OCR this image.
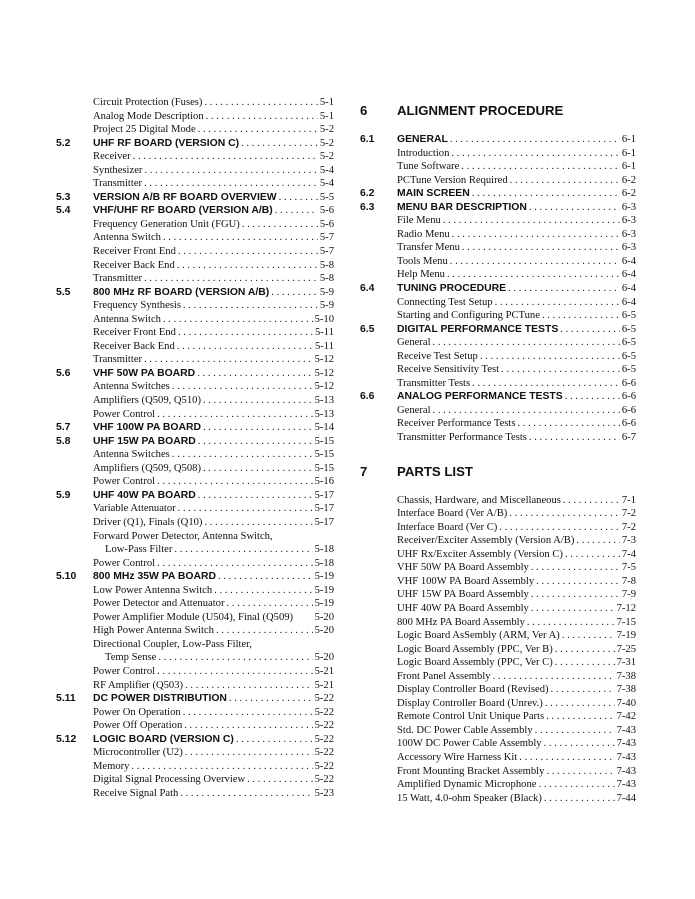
Circuit Protection (Fuses) . . .	5-1
Analog Mode Description . . .	5-1
Project 25 Digital Mode . . .	5-2
5.2	UHF RF BOARD (VERSION C) . . .	5-2
Receiver . . .	5-2
Synthesizer . . .	5-4
Transmitter . . .	5-4
5.3	VERSION A/B RF BOARD OVERVIEW . . .	5-5
5.4	VHF/UHF RF BOARD (VERSION A/B) . . .	5-6
Frequency Generation Unit (FGU) . . .	5-6
Antenna Switch . . .	5-7
Receiver Front End . . .	5-7
Receiver Back End . . .	5-8
Transmitter . . .	5-8
5.5	800 MHz RF BOARD (VERSION A/B) . . .	5-9
Frequency Synthesis . . .	5-9
Antenna Switch . . .	5-10
Receiver Front End . . .	5-11
Receiver Back End . . .	5-11
Transmitter . . .	5-12
5.6	VHF 50W PA BOARD . . .	5-12
Antenna Switches . . .	5-12
Amplifiers (Q509, Q510) . . .	5-13
Power Control . . .	5-13
5.7	VHF 100W PA BOARD . . .	5-14
5.8	UHF 15W PA BOARD . . .	5-15
Antenna Switches . . .	5-15
Amplifiers (Q509, Q508) . . .	5-15
Power Control . . .	5-16
5.9	UHF 40W PA BOARD . . .	5-17
Variable Attenuator . . .	5-17
Driver (Q1), Finals (Q10) . . .	5-17
Forward Power Detector, Antenna Switch,
Low-Pass Filter . . .	5-18
Power Control . . .	5-18
5.10	800 MHz 35W PA BOARD . . .	5-19
Low Power Antenna Switch . . .	5-19
Power Detector and Attenuator . . .	5-19
Power Amplifier Module (U504), Final (Q509) 5-20
High Power Antenna Switch . . .	5-20
Directional Coupler, Low-Pass Filter,
Temp Sense . . .	5-20
Power Control . . .	5-21
RF Amplifier (Q503) . . .	5-21
5.11	DC POWER DISTRIBUTION . . .	5-22
Power On Operation . . .	5-22
Power Off Operation . . .	5-22
5.12	LOGIC BOARD (VERSION C) . . .	5-22
Microcontroller (U2) . . .	5-22
Memory . . .	5-22
Digital Signal Processing Overview . . .	5-22
Receive Signal Path . . .	5-23
6	ALIGNMENT PROCEDURE
6.1	GENERAL . . .	6-1
Introduction . . .	6-1
Tune Software . . .	6-1
PCTune Version Required . . .	6-2
6.2	MAIN SCREEN . . .	6-2
6.3	MENU BAR DESCRIPTION . . .	6-3
File Menu . . .	6-3
Radio Menu . . .	6-3
Transfer Menu . . .	6-3
Tools Menu . . .	6-4
Help Menu . . .	6-4
6.4	TUNING PROCEDURE . . .	6-4
Connecting Test Setup . . .	6-4
Starting and Configuring PCTune . . .	6-5
6.5	DIGITAL PERFORMANCE TESTS . . .	6-5
General . . .	6-5
Receive Test Setup . . .	6-5
Receive Sensitivity Test . . .	6-5
Transmitter Tests . . .	6-6
6.6	ANALOG PERFORMANCE TESTS . . .	6-6
General . . .	6-6
Receiver Performance Tests . . .	6-6
Transmitter Performance Tests . . .	6-7
7	PARTS LIST
Chassis, Hardware, and Miscellaneous . . .	7-1
Interface Board (Ver A/B) . . .	7-2
Interface Board (Ver C) . . .	7-2
Receiver/Exciter Assembly (Version A/B) . . .	7-3
UHF Rx/Exciter Assembly (Version C) . . .	7-4
VHF 50W PA Board Assembly . . .	7-5
VHF 100W PA Board Assembly . . .	7-8
UHF 15W PA Board Assembly . . .	7-9
UHF 40W PA Board Assembly . . .	7-12
800 MHz PA Board Assembly . . .	7-15
Logic Board AsSembly (ARM, Ver A) . . .	7-19
Logic Board Assembly (PPC, Ver B) . . .	7-25
Logic Board Assembly (PPC, Ver C) . . .	7-31
Front Panel Assembly . . .	7-38
Display Controller Board (Revised) . . .	7-38
Display Controller Board (Unrev.) . . .	7-40
Remote Control Unit Unique Parts . . .	7-42
Std. DC Power Cable Assembly . . .	7-43
100W DC Power Cable Assembly . . .	7-43
Accessory Wire Harness Kit . . .	7-43
Front Mounting Bracket Assembly . . .	7-43
Amplified Dynamic Microphone . . .	7-43
15 Watt, 4.0-ohm Speaker (Black) . . .	7-44
